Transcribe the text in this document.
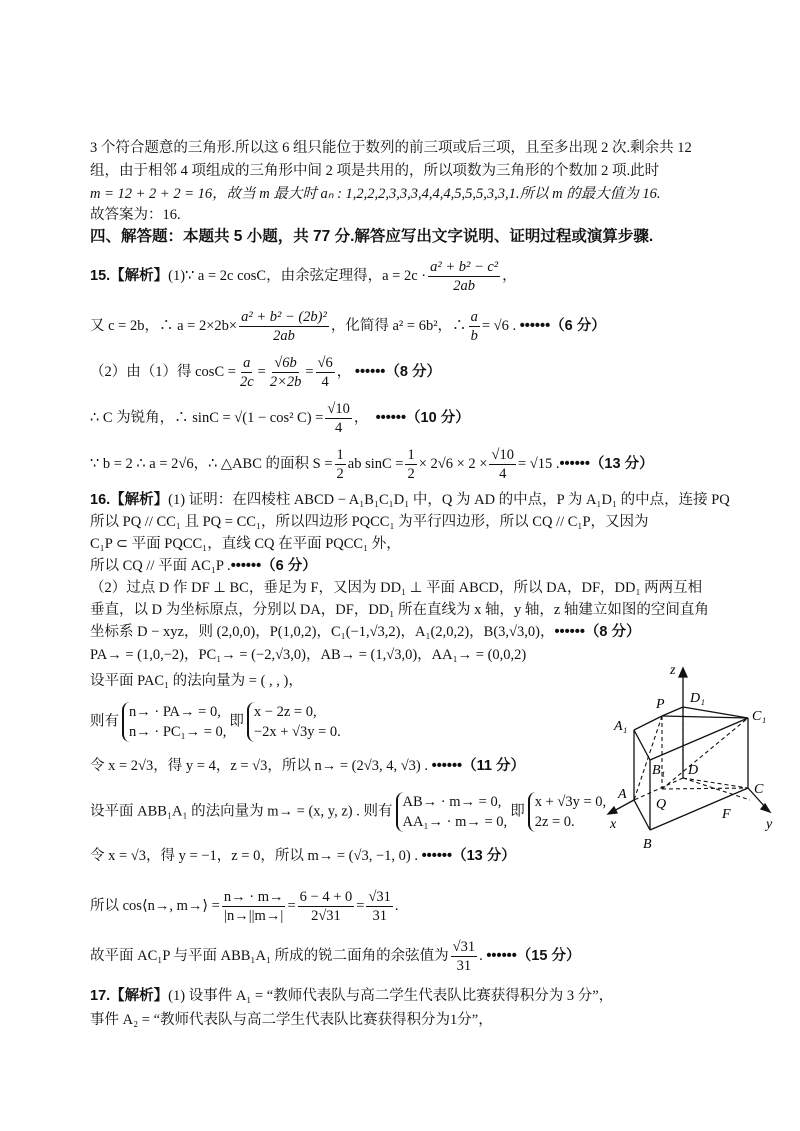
3 个符合题意的三角形.所以这 6 组只能位于数列的前三项或后三项，且至多出现 2 次.剩余共 12
组，由于相邻 4 项组成的三角形中间 2 项是共用的，所以项数为三角形的个数加 2 项.此时
m = 12 + 2 + 2 = 16，故当 m 最大时 aₙ : 1,2,2,2,3,3,3,4,4,4,5,5,5,3,3,1.所以 m 的最大值为 16.
故答案为：16.
四、解答题：本题共 5 小题，共 77 分.解答应写出文字说明、证明过程或演算步骤.
15.【解析】(1)∵ a = 2c cosC，由余弦定理得，$a = 2c \cdot \frac{\text{a² + b² − c²}}{2ab}$ ，
又 c = 2b，∴ $a = 2\times 2b\times \frac{\text{a² + b² − (2b)²}}{2ab}$ ，化简得 a² = 6b²，∴ $\frac{a}{b} = √6$ . ••••••（6 分）
（2）由（1）得 $\cos C = \frac{a}{2c} = \frac{√6b}{2\times 2b} = \frac{√6}{4}$ ， ••••••（8 分）
∴ C 为锐角，∴ sinC = √(1 − cos² $C) = \frac{√10}{4}$ ，  ••••••（10 分）
∵ b = 2 ∴ a = 2√6，∴ △ABC 的面积 $S = \frac{1}{2}$ ab $\sin C = \frac{1}{2} \times 2√6 \times 2 \times \frac{√10}{4} = √15$ .••••••（13 分）
16.【解析】(1) 证明：在四棱柱 ABCD − A₁B₁C₁D₁ 中，Q 为 AD 的中点，P 为 A₁D₁ 的中点，连接 PQ
所以 PQ // CC₁ 且 PQ = CC₁，所以四边形 PQCC₁ 为平行四边形，所以 CQ // C₁P，又因为
C₁P ⊂ 平面 PQCC₁，直线 CQ 在平面 PQCC₁ 外，
所以 CQ // 平面 AC₁P .••••••（6 分）
（2）过点 D 作 DF ⊥ BC，垂足为 F，又因为 DD₁ ⊥ 平面 ABCD，所以 DA，DF，DD₁ 两两互相
垂直，以 D 为坐标原点，分别以 DA，DF，DD₁ 所在直线为 x 轴，y 轴，z 轴建立如图的空间直角
坐标系 D − xyz，则 (2,0,0)，P(1,0,2)，C₁(−1,√3,2)，A₁(2,0,2)，B(3,√3,0)，••••••（8 分）
PA→ = (1,0,−2)，PC₁→ = (−2,√3,0)，AB→ = (1,√3,0)，AA₁→ = (0,0,2)
设平面 PAC₁ 的法向量为 = ( , , )，
则有
n→ · PA→ = 0,
n→ · PC₁→ = 0,
即
x − 2z = 0,
−2x + √3y = 0.
令 x = 2√3，得 y = 4，z = √3，所以 n→ = (2√3, 4, √3) . ••••••（11 分）
设平面 ABB₁A₁ 的法向量为 m→ = (x, y, z) . 则有
AB→ · m→ = 0,
AA₁→ · m→ = 0,
即
x + √3y = 0,
2z = 0.
令 x = √3，得 y = −1，z = 0，所以 m→ = (√3, −1, 0) . ••••••（13 分）
所以 cos⟨n→, m→⟩ = $\frac{n\to \cdot m\to}{|n\to||m\to|} = \frac{6 - 4 + 0}{2√31} = \frac{√31}{31}$ .
故平面 AC₁P 与平面 ABB₁A₁ 所成的锐二面角的余弦值为 $\frac{√31}{31}$ . ••••••（15 分）
17.【解析】(1) 设事件 A₁ = “教师代表队与高二学生代表队比赛获得积分为 3 分”，
事件 A₂ = “教师代表队与高二学生代表队比赛获得积分为1分”，
z
D₁
P
C₁
A₁
B₁ D
A
Q
C
F
x	y
B
